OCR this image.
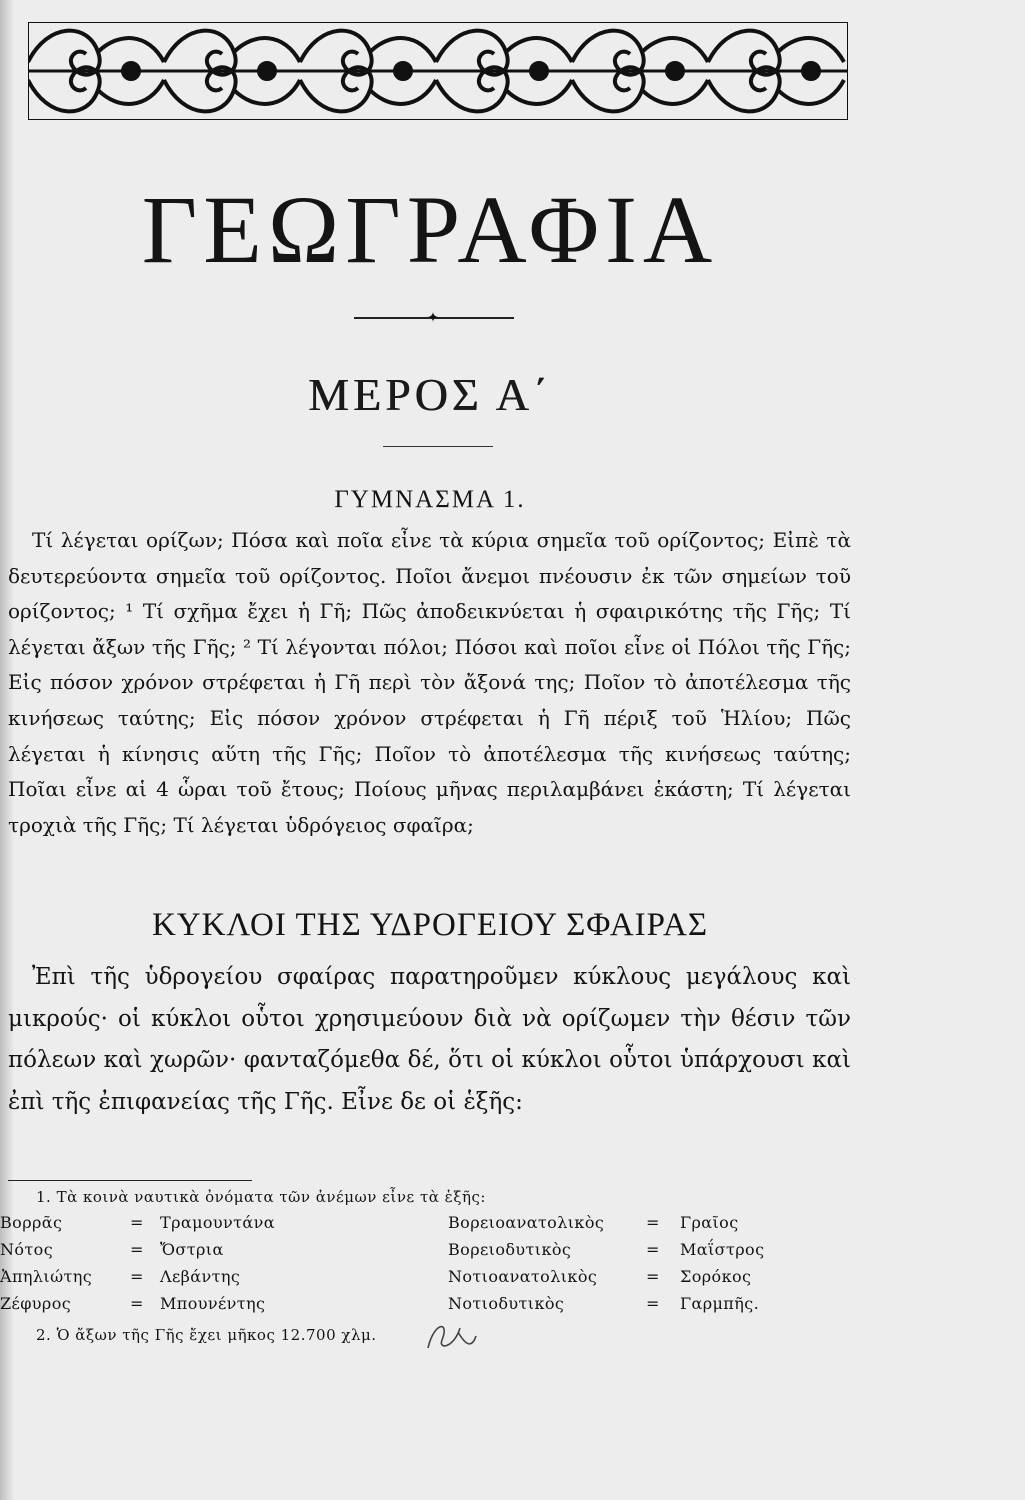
ΓΕΩΓΡΑΦΙΑ
✦
ΜΕΡΟΣ Α΄
ΓΥΜΝΑΣΜΑ 1.

Τί λέγεται ορίζων; Πόσα καὶ ποῖα εἶνε τὰ κύρια σημεῖα τοῦ ορίζοντος; Εἰπὲ τὰ δευτερεύοντα σημεῖα τοῦ ορίζοντος. Ποῖοι ἄνεμοι πνέουσιν ἐκ τῶν σημείων τοῦ ορίζοντος; ¹ Τί σχῆμα ἔχει ἡ Γῆ; Πῶς ἀποδεικνύεται ἡ σφαιρικότης τῆς Γῆς; Τί λέγεται ἄξων τῆς Γῆς; ² Τί λέγονται πόλοι; Πόσοι καὶ ποῖοι εἶνε οἱ Πόλοι τῆς Γῆς; Εἰς πόσον χρόνον στρέφεται ἡ Γῆ περὶ τὸν ἄξονά της; Ποῖον τὸ ἀποτέλεσμα τῆς κινήσεως ταύτης; Εἰς πόσον χρόνον στρέφεται ἡ Γῆ πέριξ τοῦ Ἡλίου; Πῶς λέγεται ἡ κίνησις αὕτη τῆς Γῆς; Ποῖον τὸ ἀποτέλεσμα τῆς κινήσεως ταύτης; Ποῖαι εἶνε αἱ 4 ὧραι τοῦ ἔτους; Ποίους μῆνας περιλαμβάνει ἑκάστη; Τί λέγεται τροχιὰ τῆς Γῆς; Τί λέγεται ὑδρόγειος σφαῖρα;

ΚΥΚΛΟΙ ΤΗΣ ΥΔΡΟΓΕΙΟΥ ΣΦΑΙΡΑΣ

Ἐπὶ τῆς ὑδρογείου σφαίρας παρατηροῦμεν κύκλους μεγάλους καὶ μικρούς· οἱ κύκλοι οὗτοι χρησιμεύουν διὰ νὰ ορίζωμεν τὴν θέσιν τῶν πόλεων καὶ χωρῶν· φανταζόμεθα δέ, ὅτι οἱ κύκλοι οὗτοι ὑπάρχουσι καὶ ἐπὶ τῆς ἐπιφανείας τῆς Γῆς. Εἶνε δε οἱ ἑξῆς:

1. Τὰ κοινὰ ναυτικὰ ὀνόματα τῶν ἀνέμων εἶνε τὰ ἑξῆς:
Βορρᾶς	= Τραμουντάνα	Βορειοανατολικὸς	= Γραῖος
Νότος	= Ὄστρια	Βορειοδυτικὸς	= Μαΐστρος
Ἀπηλιώτης = Λεβάντης	Νοτιοανατολικὸς	= Σορόκος
Ζέφυρος	= Μπουνέντης	Νοτιοδυτικὸς	= Γαρμπῆς.
2. Ὁ ἄξων τῆς Γῆς ἔχει μῆκος 12.700 χλμ.
